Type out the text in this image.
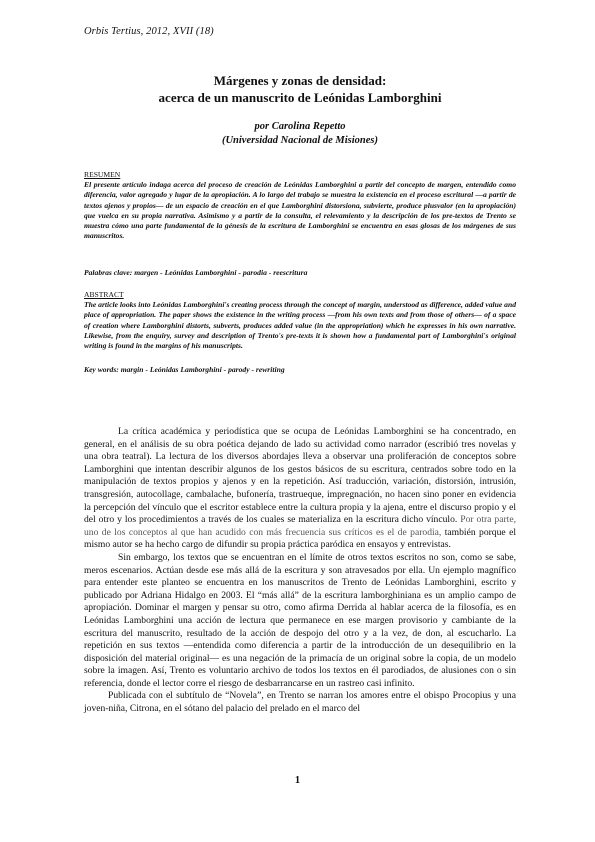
Orbis Tertius, 2012, XVII (18)
Márgenes y zonas de densidad:
acerca de un manuscrito de Leónidas Lamborghini
por Carolina Repetto
(Universidad Nacional de Misiones)
RESUMEN

El presente artículo indaga acerca del proceso de creación de Leónidas Lamborghini a partir del concepto de margen, entendido como diferencia, valor agregado y lugar de la apropiación. A lo largo del trabajo se muestra la existencia en el proceso escritural —a partir de textos ajenos y propios— de un espacio de creación en el que Lamborghini distorsiona, subvierte, produce plusvalor (en la apropiación) que vuelca en su propia narrativa. Asimismo y a partir de la consulta, el relevamiento y la descripción de los pre-textos de Trento se muestra cómo una parte fundamental de la génesis de la escritura de Lamborghini se encuentra en esas glosas de los márgenes de sus manuscritos.

Palabras clave: margen - Leónidas Lamborghini - parodia - reescritura
ABSTRACT

The article looks into Leónidas Lamborghini's creating process through the concept of margin, understood as difference, added value and place of appropriation. The paper shows the existence in the writing process —from his own texts and from those of others— of a space of creation where Lamborghini distorts, subverts, produces added value (in the appropriation) which he expresses in his own narrative. Likewise, from the enquiry, survey and description of Trento's pre-texts it is shown how a fundamental part of Lamborghini's original writing is found in the margins of his manuscripts.

Key words: margin - Leónidas Lamborghini - parody - rewriting

La crítica académica y periodística que se ocupa de Leónidas Lamborghini se ha concentrado, en general, en el análisis de su obra poética dejando de lado su actividad como narrador (escribió tres novelas y una obra teatral). La lectura de los diversos abordajes lleva a observar una proliferación de conceptos sobre Lamborghini que intentan describir algunos de los gestos básicos de su escritura, centrados sobre todo en la manipulación de textos propios y ajenos y en la repetición. Así traducción, variación, distorsión, intrusión, transgresión, autocollage, cambalache, bufonería, trastrueque, impregnación, no hacen sino poner en evidencia la percepción del vínculo que el escritor establece entre la cultura propia y la ajena, entre el discurso propio y el del otro y los procedimientos a través de los cuales se materializa en la escritura dicho vínculo. Por otra parte, uno de los conceptos al que han acudido con más frecuencia sus críticos es el de parodia, también porque el mismo autor se ha hecho cargo de difundir su propia práctica paródica en ensayos y entrevistas.

Sin embargo, los textos que se encuentran en el límite de otros textos escritos no son, como se sabe, meros escenarios. Actúan desde ese más allá de la escritura y son atravesados por ella. Un ejemplo magnífico para entender este planteo se encuentra en los manuscritos de Trento de Leónidas Lamborghini, escrito y publicado por Adriana Hidalgo en 2003. El “más allá” de la escritura lamborghiniana es un amplio campo de apropiación. Dominar el margen y pensar su otro, como afirma Derrida al hablar acerca de la filosofía, es en Leónidas Lamborghini una acción de lectura que permanece en ese margen provisorio y cambiante de la escritura del manuscrito, resultado de la acción de despojo del otro y a la vez, de don, al escucharlo. La repetición en sus textos —entendida como diferencia a partir de la introducción de un desequilibrio en la disposición del material original— es una negación de la primacía de un original sobre la copia, de un modelo sobre la imagen. Así, Trento es voluntario archivo de todos los textos en él parodiados, de alusiones con o sin referencia, donde el lector corre el riesgo de desbarrancarse en un rastreo casi infinito.

Publicada con el subtítulo de “Novela”, en Trento se narran los amores entre el obispo Procopius y una joven-niña, Citrona, en el sótano del palacio del prelado en el marco del

1
